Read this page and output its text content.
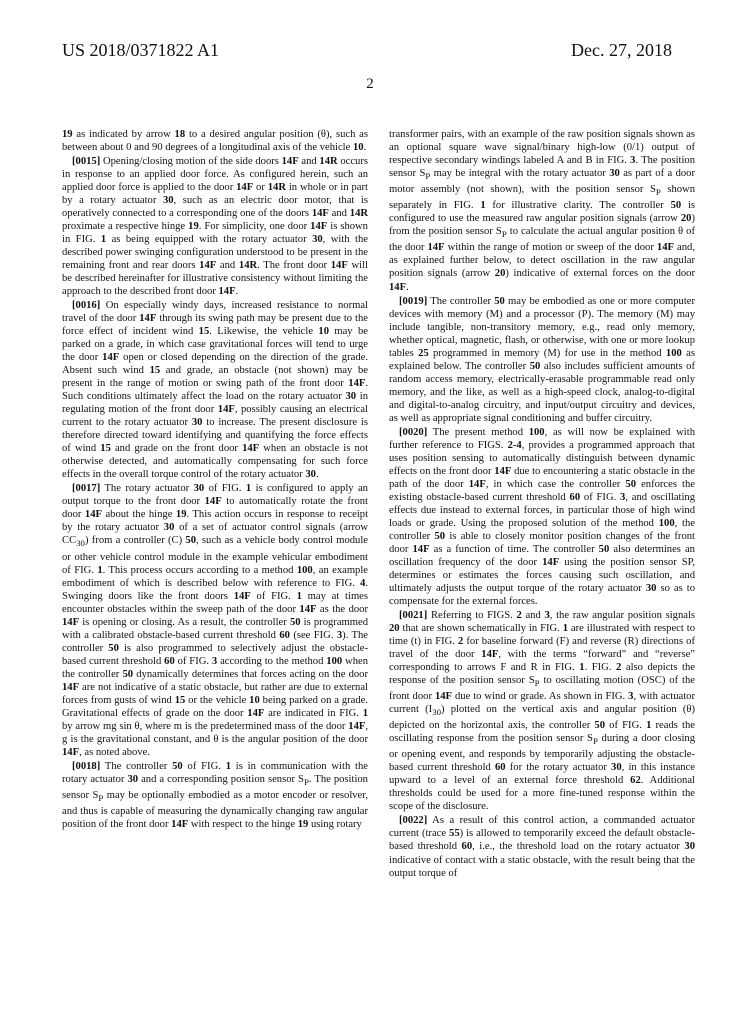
US 2018/0371822 A1	Dec. 27, 2018
2

19 as indicated by arrow 18 to a desired angular position (θ), such as between about 0 and 90 degrees of a longitudinal axis of the vehicle 10.

[0015] Opening/closing motion of the side doors 14F and 14R occurs in response to an applied door force. As configured herein, such an applied door force is applied to the door 14F or 14R in whole or in part by a rotary actuator 30, such as an electric door motor, that is operatively connected to a corresponding one of the doors 14F and 14R proximate a respective hinge 19. For simplicity, one door 14F is shown in FIG. 1 as being equipped with the rotary actuator 30, with the described power swinging configuration understood to be present in the remaining front and rear doors 14F and 14R. The front door 14F will be described hereinafter for illustrative consistency without limiting the approach to the described front door 14F.

[0016] On especially windy days, increased resistance to normal travel of the door 14F through its swing path may be present due to the force effect of incident wind 15. Likewise, the vehicle 10 may be parked on a grade, in which case gravitational forces will tend to urge the door 14F open or closed depending on the direction of the grade. Absent such wind 15 and grade, an obstacle (not shown) may be present in the range of motion or swing path of the front door 14F. Such conditions ultimately affect the load on the rotary actuator 30 in regulating motion of the front door 14F, possibly causing an electrical current to the rotary actuator 30 to increase. The present disclosure is therefore directed toward identifying and quantifying the force effects of wind 15 and grade on the front door 14F when an obstacle is not otherwise detected, and automatically compensating for such force effects in the overall torque control of the rotary actuator 30.

[0017] The rotary actuator 30 of FIG. 1 is configured to apply an output torque to the front door 14F to automatically rotate the front door 14F about the hinge 19. This action occurs in response to receipt by the rotary actuator 30 of a set of actuator control signals (arrow $CC_{30}$) from a controller (C) 50, such as a vehicle body control module or other vehicle control module in the example vehicular embodiment of FIG. 1. This process occurs according to a method 100, an example embodiment of which is described below with reference to FIG. 4. Swinging doors like the front doors 14F of FIG. 1 may at times encounter obstacles within the sweep path of the door 14F as the door 14F is opening or closing. As a result, the controller 50 is programmed with a calibrated obstacle-based current threshold 60 (see FIG. 3). The controller 50 is also programmed to selectively adjust the obstacle-based current threshold 60 of FIG. 3 according to the method 100 when the controller 50 dynamically determines that forces acting on the door 14F are not indicative of a static obstacle, but rather are due to external forces from gusts of wind 15 or the vehicle 10 being parked on a grade. Gravitational effects of grade on the door 14F are indicated in FIG. 1 by arrow mg sin θ, where m is the predetermined mass of the door 14F, g is the gravitational constant, and θ is the angular position of the door 14F, as noted above.

[0018] The controller 50 of FIG. 1 is in communication with the rotary actuator 30 and a corresponding position sensor $S_P$. The position sensor $S_P$ may be optionally embodied as a motor encoder or resolver, and thus is capable of measuring the dynamically changing raw angular position of the front door 14F with respect to the hinge 19 using rotary

transformer pairs, with an example of the raw position signals shown as an optional square wave signal/binary high-low (0/1) output of respective secondary windings labeled A and B in FIG. 3. The position sensor $S_P$ may be integral with the rotary actuator 30 as part of a door motor assembly (not shown), with the position sensor $S_P$ shown separately in FIG. 1 for illustrative clarity. The controller 50 is configured to use the measured raw angular position signals (arrow 20) from the position sensor $S_P$ to calculate the actual angular position θ of the door 14F within the range of motion or sweep of the door 14F and, as explained further below, to detect oscillation in the raw angular position signals (arrow 20) indicative of external forces on the door 14F.

[0019] The controller 50 may be embodied as one or more computer devices with memory (M) and a processor (P). The memory (M) may include tangible, non-transitory memory, e.g., read only memory, whether optical, magnetic, flash, or otherwise, with one or more lookup tables 25 programmed in memory (M) for use in the method 100 as explained below. The controller 50 also includes sufficient amounts of random access memory, electrically-erasable programmable read only memory, and the like, as well as a high-speed clock, analog-to-digital and digital-to-analog circuitry, and input/output circuitry and devices, as well as appropriate signal conditioning and buffer circuitry.

[0020] The present method 100, as will now be explained with further reference to FIGS. 2-4, provides a programmed approach that uses position sensing to automatically distinguish between dynamic effects on the front door 14F due to encountering a static obstacle in the path of the door 14F, in which case the controller 50 enforces the existing obstacle-based current threshold 60 of FIG. 3, and oscillating effects due instead to external forces, in particular those of high wind loads or grade. Using the proposed solution of the method 100, the controller 50 is able to closely monitor position changes of the front door 14F as a function of time. The controller 50 also determines an oscillation frequency of the door 14F using the position sensor SP, determines or estimates the forces causing such oscillation, and ultimately adjusts the output torque of the rotary actuator 30 so as to compensate for the external forces.

[0021] Referring to FIGS. 2 and 3, the raw angular position signals 20 that are shown schematically in FIG. 1 are illustrated with respect to time (t) in FIG. 2 for baseline forward (F) and reverse (R) directions of travel of the door 14F, with the terms “forward” and “reverse” corresponding to arrows F and R in FIG. 1. FIG. 2 also depicts the response of the position sensor $S_P$ to oscillating motion (OSC) of the front door 14F due to wind or grade. As shown in FIG. 3, with actuator current $(I_{30})$ plotted on the vertical axis and angular position (θ) depicted on the horizontal axis, the controller 50 of FIG. 1 reads the oscillating response from the position sensor $S_P$ during a door closing or opening event, and responds by temporarily adjusting the obstacle-based current threshold 60 for the rotary actuator 30, in this instance upward to a level of an external force threshold 62. Additional thresholds could be used for a more fine-tuned response within the scope of the disclosure.

[0022] As a result of this control action, a commanded actuator current (trace 55) is allowed to temporarily exceed the default obstacle-based threshold 60, i.e., the threshold load on the rotary actuator 30 indicative of contact with a static obstacle, with the result being that the output torque of
